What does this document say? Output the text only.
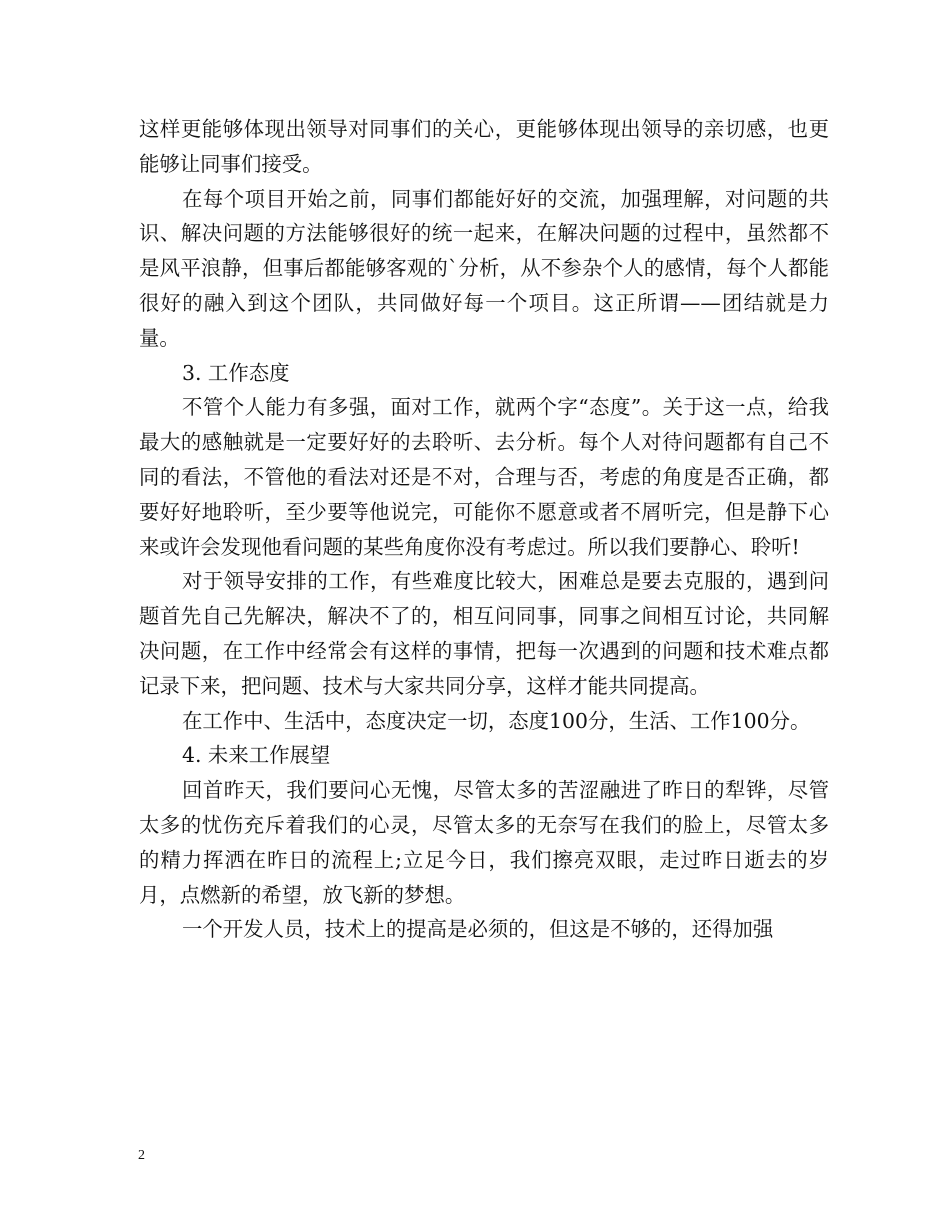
这样更能够体现出领导对同事们的关心，更能够体现出领导的亲切感，也更能够让同事们接受。

在每个项目开始之前，同事们都能好好的交流，加强理解，对问题的共识、解决问题的方法能够很好的统一起来，在解决问题的过程中，虽然都不是风平浪静，但事后都能够客观的`分析，从不参杂个人的感情，每个人都能很好的融入到这个团队，共同做好每一个项目。这正所谓——团结就是力量。

3. 工作态度

不管个人能力有多强，面对工作，就两个字“态度”。关于这一点，给我最大的感触就是一定要好好的去聆听、去分析。每个人对待问题都有自己不同的看法，不管他的看法对还是不对，合理与否，考虑的角度是否正确，都要好好地聆听，至少要等他说完，可能你不愿意或者不屑听完，但是静下心来或许会发现他看问题的某些角度你没有考虑过。所以我们要静心、聆听!

对于领导安排的工作，有些难度比较大，困难总是要去克服的，遇到问题首先自己先解决，解决不了的，相互问同事，同事之间相互讨论，共同解决问题，在工作中经常会有这样的事情，把每一次遇到的问题和技术难点都记录下来，把问题、技术与大家共同分享，这样才能共同提高。

在工作中、生活中，态度决定一切，态度100分，生活、工作100分。

4. 未来工作展望

回首昨天，我们要问心无愧，尽管太多的苦涩融进了昨日的犁铧，尽管太多的忧伤充斥着我们的心灵，尽管太多的无奈写在我们的脸上，尽管太多的精力挥洒在昨日的流程上;立足今日，我们擦亮双眼，走过昨日逝去的岁月，点燃新的希望，放飞新的梦想。

一个开发人员，技术上的提高是必须的，但这是不够的，还得加强

2
